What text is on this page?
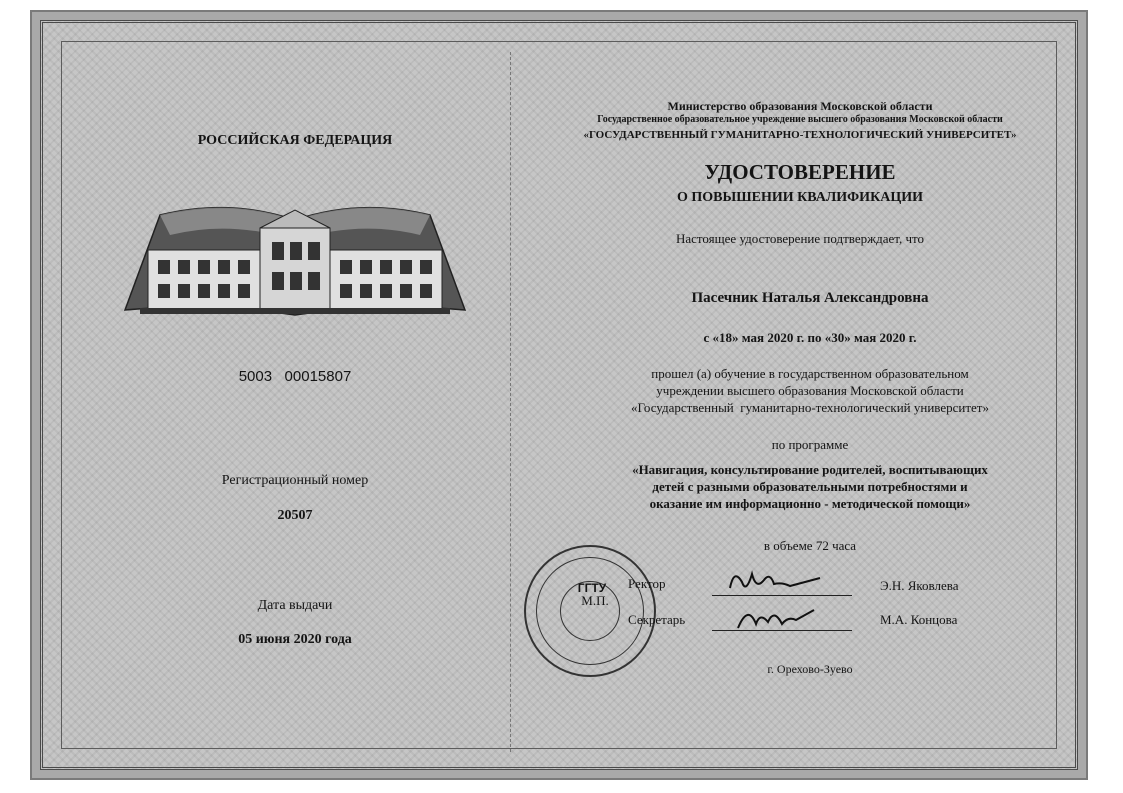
РОССИЙСКАЯ ФЕДЕРАЦИЯ
5003   00015807
Регистрационный номер
20507
Дата выдачи
05 июня 2020 года
Министерство образования Московской области
Государственное образовательное учреждение высшего образования Московской области
«ГОСУДАРСТВЕННЫЙ ГУМАНИТАРНО-ТЕХНОЛОГИЧЕСКИЙ УНИВЕРСИТЕТ»
УДОСТОВЕРЕНИЕ
О ПОВЫШЕНИИ КВАЛИФИКАЦИИ
Настоящее удостоверение подтверждает, что
Пасечник Наталья Александровна
с «18» мая 2020 г. по «30» мая 2020 г.
прошел (а) обучение в государственном образовательном
учреждении высшего образования Московской области
«Государственный  гуманитарно-технологический университет»
по программе
«Навигация, консультирование родителей, воспитывающих
детей с разными образовательными потребностями и
оказание им информационно - методической помощи»
в объеме 72 часа
ГГТУ
М.П.
Ректор	Э.Н. Яковлева
Секретарь	М.А. Концова
г. Орехово-Зуево
